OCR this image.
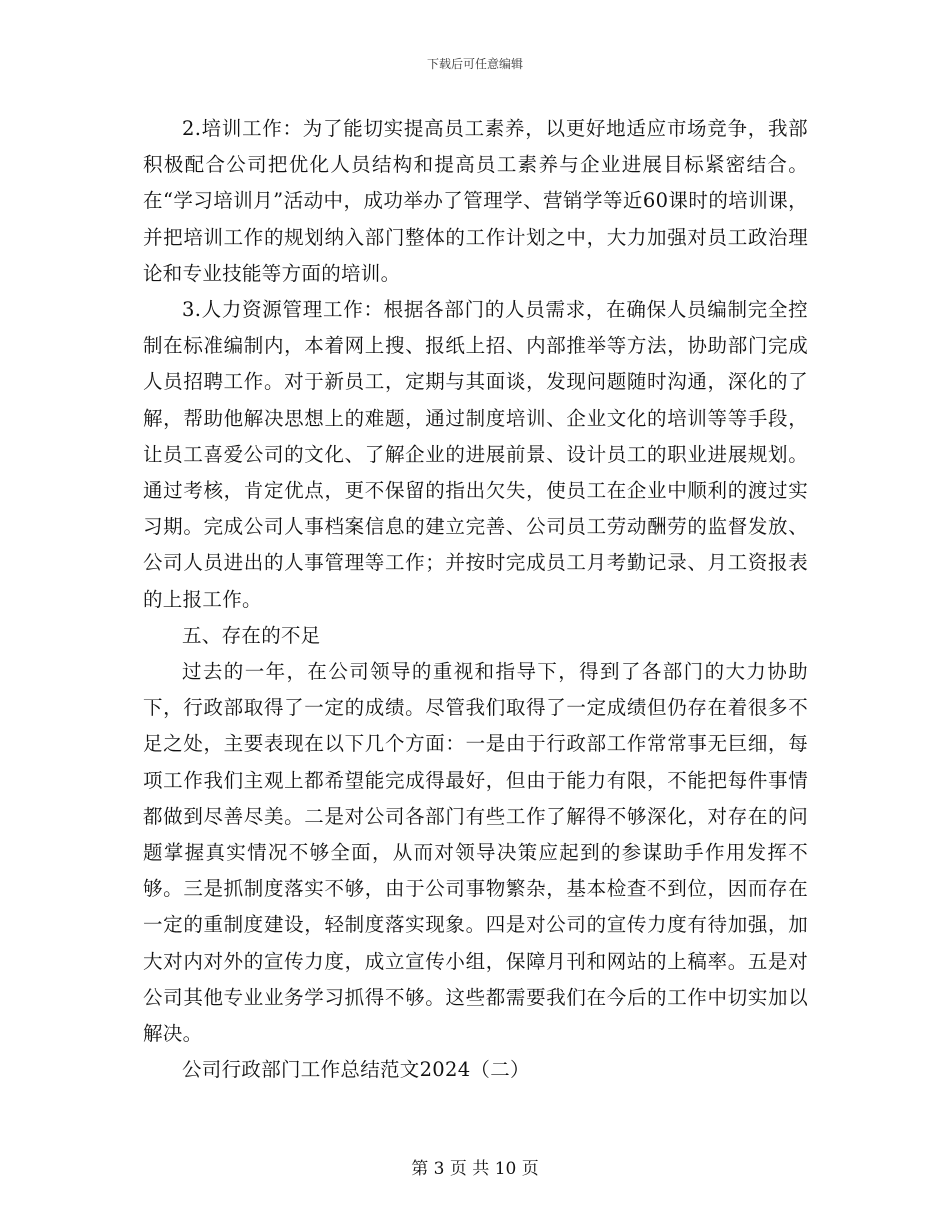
下载后可任意编辑

2.培训工作：为了能切实提高员工素养，以更好地适应市场竞争，我部积极配合公司把优化人员结构和提高员工素养与企业进展目标紧密结合。在“学习培训月”活动中，成功举办了管理学、营销学等近60课时的培训课，并把培训工作的规划纳入部门整体的工作计划之中，大力加强对员工政治理论和专业技能等方面的培训。

3.人力资源管理工作：根据各部门的人员需求，在确保人员编制完全控制在标准编制内，本着网上搜、报纸上招、内部推举等方法，协助部门完成人员招聘工作。对于新员工，定期与其面谈，发现问题随时沟通，深化的了解，帮助他解决思想上的难题，通过制度培训、企业文化的培训等等手段，让员工喜爱公司的文化、了解企业的进展前景、设计员工的职业进展规划。通过考核，肯定优点，更不保留的指出欠失，使员工在企业中顺利的渡过实习期。完成公司人事档案信息的建立完善、公司员工劳动酬劳的监督发放、公司人员进出的人事管理等工作；并按时完成员工月考勤记录、月工资报表的上报工作。

五、存在的不足

过去的一年，在公司领导的重视和指导下，得到了各部门的大力协助下，行政部取得了一定的成绩。尽管我们取得了一定成绩但仍存在着很多不足之处，主要表现在以下几个方面：一是由于行政部工作常常事无巨细，每项工作我们主观上都希望能完成得最好，但由于能力有限，不能把每件事情都做到尽善尽美。二是对公司各部门有些工作了解得不够深化，对存在的问题掌握真实情况不够全面，从而对领导决策应起到的参谋助手作用发挥不够。三是抓制度落实不够，由于公司事物繁杂，基本检查不到位，因而存在一定的重制度建设，轻制度落实现象。四是对公司的宣传力度有待加强，加大对内对外的宣传力度，成立宣传小组，保障月刊和网站的上稿率。五是对公司其他专业业务学习抓得不够。这些都需要我们在今后的工作中切实加以解决。

公司行政部门工作总结范文2024（二）

第 3 页 共 10 页
